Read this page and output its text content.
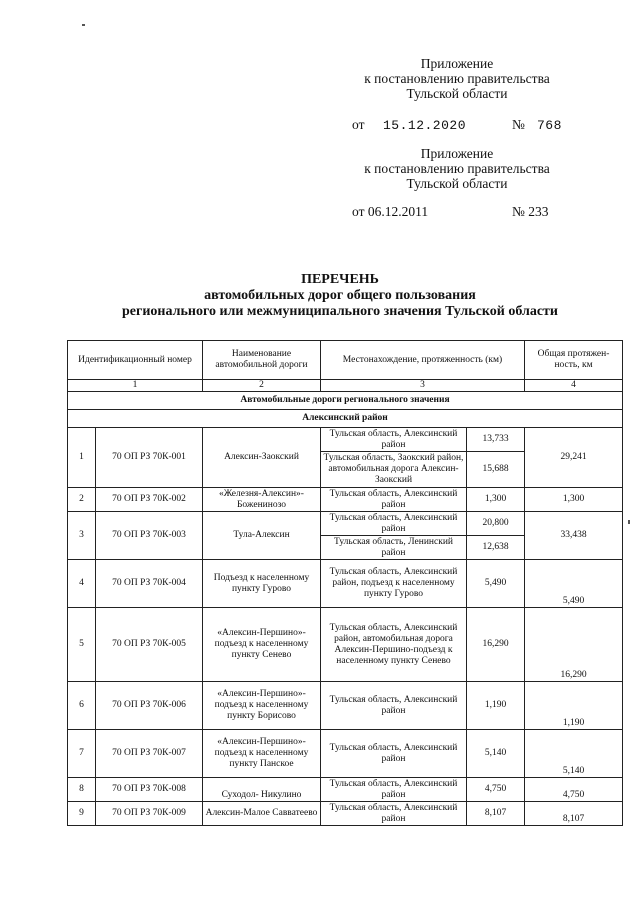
Приложение
к постановлению правительства
Тульской области
от 15.12.2020	№ 768
Приложение
к постановлению правительства
Тульской области
от 06.12.2011	№ 233
ПЕРЕЧЕНЬ
автомобильных дорог общего пользования
регионального или межмуниципального значения Тульской области
Идентификационный номер		Наименование автомобильной дороги	Местонахождение, протяженность (км)		Общая протяжен-ность, км
1		2	3		4
Автомобильные дороги регионального значения					
Алексинский район					
1	70 ОП РЗ 70К-001	Алексин-Заокский	Тульская область, Алексинский район	13,733	29,241
			Тульская область, Заокский район, автомобильная дорога Алексин-Заокский	15,688	
2	70 ОП РЗ 70К-002	«Железня-Алексин»-Боженинозо	Тульская область, Алексинский район	1,300	1,300
3	70 ОП РЗ 70К-003	Тула-Алексин	Тульская область, Алексинский район	20,800	33,438
			Тульская область, Ленинский район	12,638	
4	70 ОП РЗ 70К-004	Подъезд к населенному пункту Гурово	Тульская область, Алексинский район, подъезд к населенному пункту Гурово	5,490	5,490
5	70 ОП РЗ 70К-005	«Алексин-Першино»-подъезд к населенному пункту Сенево	Тульская область, Алексинский район, автомобильная дорога Алексин-Першино-подъезд к населенному пункту Сенево	16,290	16,290
6	70 ОП РЗ 70К-006	«Алексин-Першино»-подъезд к населенному пункту Борисово	Тульская область, Алексинский район	1,190	1,190
7	70 ОП РЗ 70К-007	«Алексин-Першино»-подъезд к населенному пункту Панское	Тульская область, Алексинский район	5,140	5,140
8	70 ОП РЗ 70К-008	Суходол- Никулино	Тульская область, Алексинский район	4,750	4,750
9	70 ОП РЗ 70К-009	Алексин-Малое Савватеево	Тульская область, Алексинский район	8,107	8,107
